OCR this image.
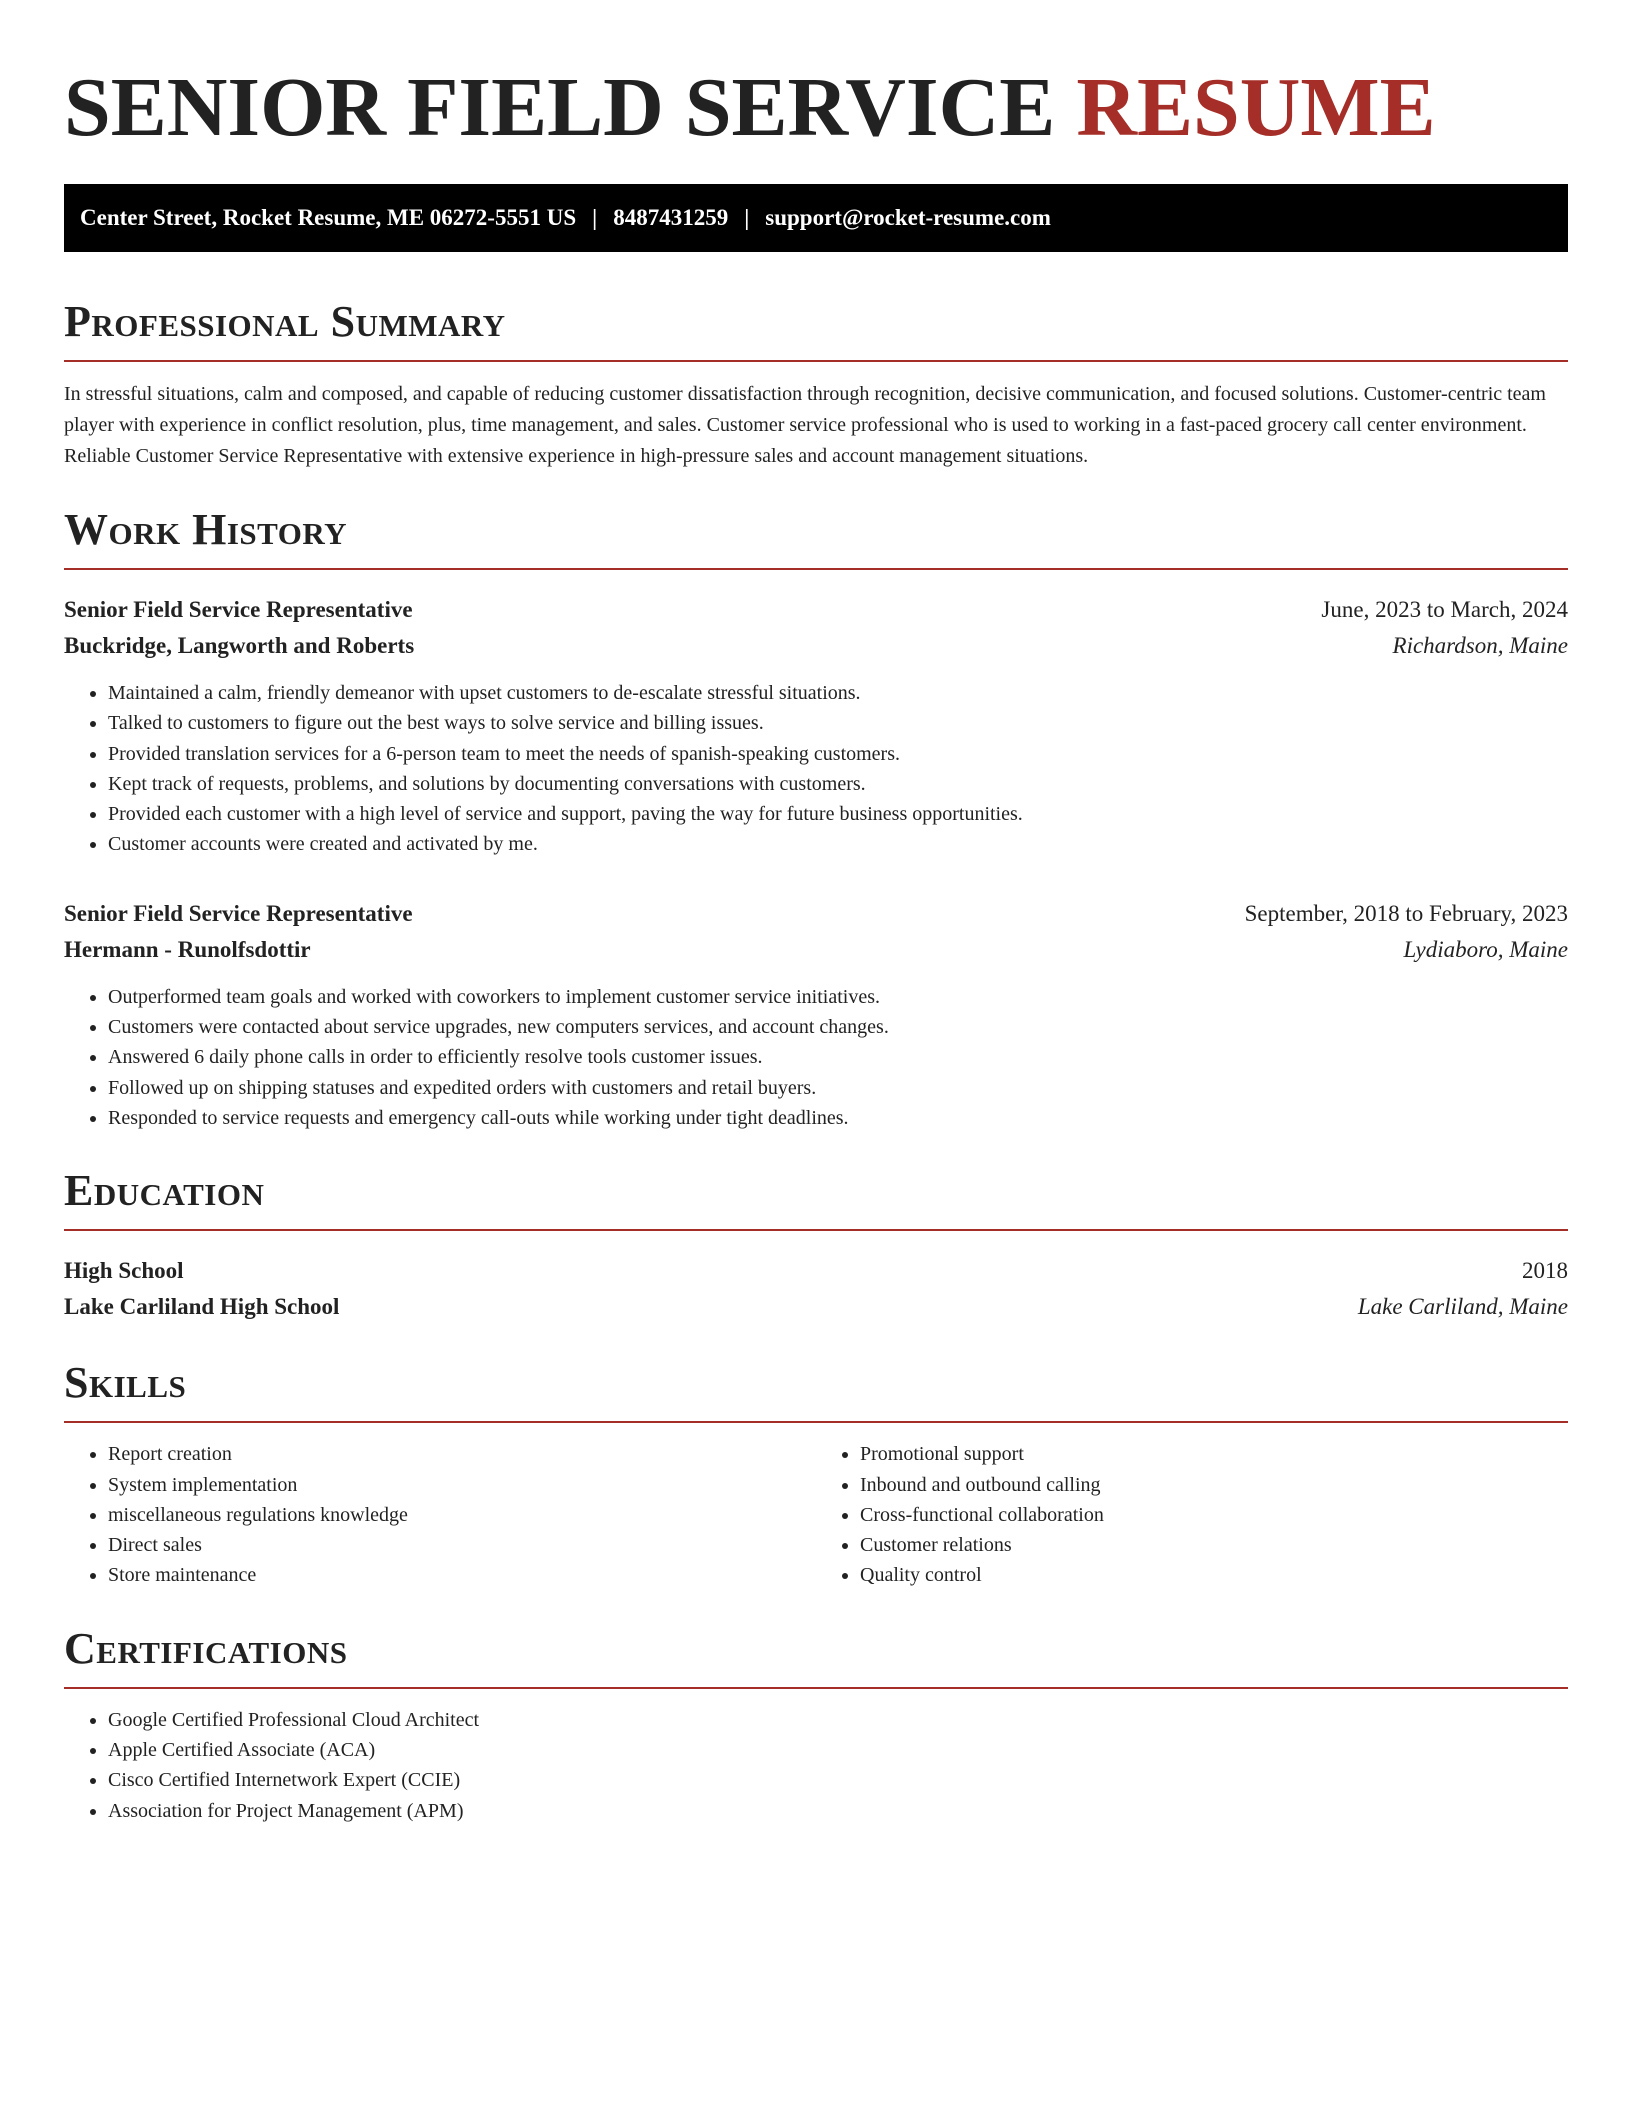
SENIOR FIELD SERVICE RESUME
Center Street, Rocket Resume, ME 06272-5551 US | 8487431259 | support@rocket-resume.com
Professional Summary

In stressful situations, calm and composed, and capable of reducing customer dissatisfaction through recognition, decisive communication, and focused solutions. Customer-centric team player with experience in conflict resolution, plus, time management, and sales. Customer service professional who is used to working in a fast-paced grocery call center environment. Reliable Customer Service Representative with extensive experience in high-pressure sales and account management situations.

Work History
Senior Field Service Representative	June, 2023 to March, 2024
Buckridge, Langworth and Roberts	Richardson, Maine
• Maintained a calm, friendly demeanor with upset customers to de-escalate stressful situations.
• Talked to customers to figure out the best ways to solve service and billing issues.
• Provided translation services for a 6-person team to meet the needs of spanish-speaking customers.
• Kept track of requests, problems, and solutions by documenting conversations with customers.
• Provided each customer with a high level of service and support, paving the way for future business opportunities.
• Customer accounts were created and activated by me.
Senior Field Service Representative	September, 2018 to February, 2023
Hermann - Runolfsdottir	Lydiaboro, Maine
• Outperformed team goals and worked with coworkers to implement customer service initiatives.
• Customers were contacted about service upgrades, new computers services, and account changes.
• Answered 6 daily phone calls in order to efficiently resolve tools customer issues.
• Followed up on shipping statuses and expedited orders with customers and retail buyers.
• Responded to service requests and emergency call-outs while working under tight deadlines.
Education
High School	2018
Lake Carliland High School	Lake Carliland, Maine
Skills
• Report creation
• System implementation
• miscellaneous regulations knowledge
• Direct sales
• Store maintenance
• Promotional support
• Inbound and outbound calling
• Cross-functional collaboration
• Customer relations
• Quality control
Certifications
• Google Certified Professional Cloud Architect
• Apple Certified Associate (ACA)
• Cisco Certified Internetwork Expert (CCIE)
• Association for Project Management (APM)
